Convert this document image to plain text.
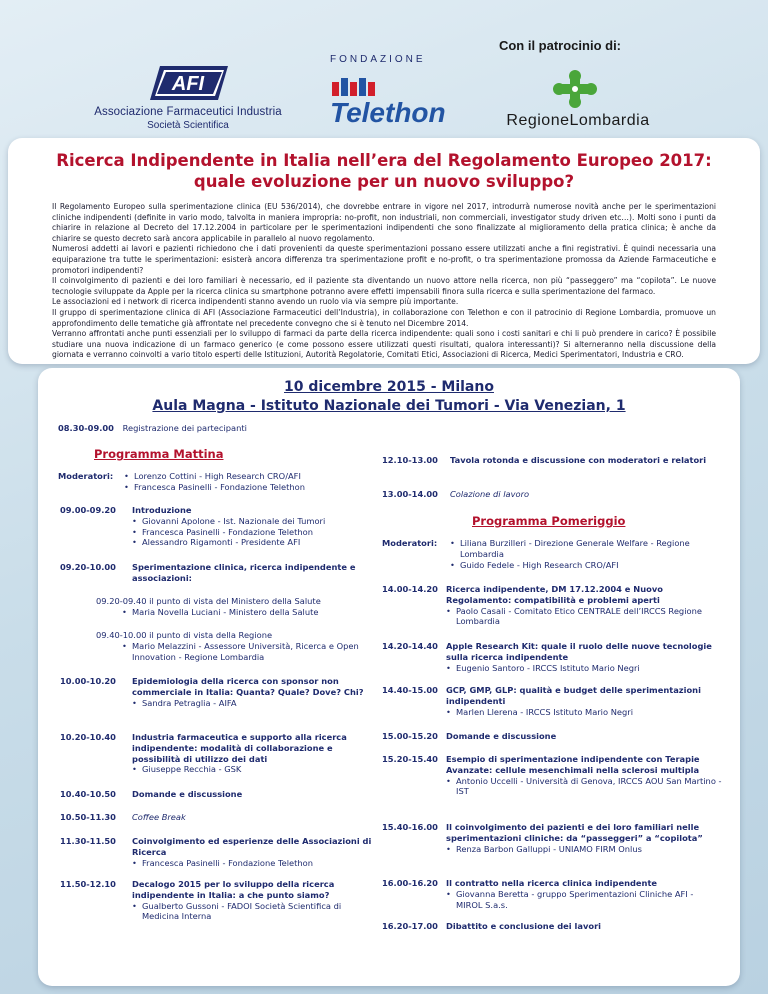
AFI
Associazione Farmaceutici Industria
Società Scientifica
FONDAZIONE
Telethon
Con il patrocinio di:
RegioneLombardia
Ricerca Indipendente in Italia nell’era del Regolamento Europeo 2017:
quale evoluzione per un nuovo sviluppo?

Il Regolamento Europeo sulla sperimentazione clinica (EU 536/2014), che dovrebbe entrare in vigore nel 2017, introdurrà numerose novità anche per le sperimentazioni cliniche indipendenti (definite in vario modo, talvolta in maniera impropria: no-profit, non industriali, non commerciali, investigator study driven etc…). Molti sono i punti da chiarire in relazione al Decreto del 17.12.2004 in particolare per le sperimentazioni indipendenti che sono finalizzate al miglioramento della pratica clinica; è anche da chiarire se questo decreto sarà ancora applicabile in parallelo al nuovo regolamento.

Numerosi addetti ai lavori e pazienti richiedono che i dati provenienti da queste sperimentazioni possano essere utilizzati anche a fini registrativi. È quindi necessaria una equiparazione tra tutte le sperimentazioni: esisterà ancora differenza tra sperimentazione profit e no-profit, o tra sperimentazione promossa da Aziende Farmaceutiche e promotori indipendenti?

Il coinvolgimento di pazienti e dei loro familiari è necessario, ed il paziente sta diventando un nuovo attore nella ricerca, non più “passeggero” ma “copilota”. Le nuove tecnologie sviluppate da Apple per la ricerca clinica su smartphone potranno avere effetti impensabili finora sulla ricerca e sulla sperimentazione del farmaco.

Le associazioni ed i network di ricerca indipendenti stanno avendo un ruolo via via sempre più importante.

Il gruppo di sperimentazione clinica di AFI (Associazione Farmaceutici dell’Industria), in collaborazione con Telethon e con il patrocinio di Regione Lombardia, promuove un approfondimento delle tematiche già affrontate nel precedente convegno che si è tenuto nel Dicembre 2014.

Verranno affrontati anche punti essenziali per lo sviluppo di farmaci da parte della ricerca indipendente: quali sono i costi sanitari e chi li può prendere in carico? È possibile studiare una nuova indicazione di un farmaco generico (e come possono essere utilizzati questi risultati, qualora interessanti)? Si alterneranno nella discussione della giornata e verranno coinvolti a vario titolo esperti delle Istituzioni, Autorità Regolatorie, Comitati Etici, Associazioni di Ricerca, Medici Sperimentatori, Industria e CRO.

10 dicembre 2015 - Milano
Aula Magna - Istituto Nazionale dei Tumori - Via Venezian, 1
08.30-09.00 Registrazione dei partecipanti
Programma Mattina
Moderatori:	• Lorenzo Cottini - High Research CRO/AFI
• Francesca Pasinelli - Fondazione Telethon
09.00-09.20 Introduzione
• Giovanni Apolone - Ist. Nazionale dei Tumori
• Francesca Pasinelli - Fondazione Telethon
• Alessandro Rigamonti - Presidente AFI
09.20-10.00 Sperimentazione clinica, ricerca indipendente e associazioni:
09.20-09.40 il punto di vista del Ministero della Salute
• Maria Novella Luciani - Ministero della Salute
09.40-10.00 il punto di vista della Regione
• Mario Melazzini - Assessore Università, Ricerca e Open Innovation - Regione Lombardia
10.00-10.20 Epidemiologia della ricerca con sponsor non commerciale in Italia: Quanta? Quale? Dove? Chi?
• Sandra Petraglia - AIFA
10.20-10.40 Industria farmaceutica e supporto alla ricerca indipendente: modalità di collaborazione e possibilità di utilizzo dei dati
• Giuseppe Recchia - GSK
10.40-10.50 Domande e discussione
10.50-11.30 Coffee Break
11.30-11.50 Coinvolgimento ed esperienze delle Associazioni di Ricerca
• Francesca Pasinelli - Fondazione Telethon
11.50-12.10 Decalogo 2015 per lo sviluppo della ricerca indipendente in Italia: a che punto siamo?
• Gualberto Gussoni - FADOI Società Scientifica di Medicina Interna
12.10-13.00 Tavola rotonda e discussione con moderatori e relatori
13.00-14.00 Colazione di lavoro
Programma Pomeriggio
Moderatori:	• Liliana Burzilleri - Direzione Generale Welfare - Regione Lombardia
• Guido Fedele - High Research CRO/AFI
14.00-14.20 Ricerca indipendente, DM 17.12.2004 e Nuovo Regolamento: compatibilità e problemi aperti
• Paolo Casali - Comitato Etico CENTRALE dell’IRCCS Regione Lombardia
14.20-14.40 Apple Research Kit: quale il ruolo delle nuove tecnologie sulla ricerca indipendente
• Eugenio Santoro - IRCCS Istituto Mario Negri
14.40-15.00 GCP, GMP, GLP: qualità e budget delle sperimentazioni indipendenti
• Marlen Llerena - IRCCS Istituto Mario Negri
15.00-15.20 Domande e discussione
15.20-15.40 Esempio di sperimentazione indipendente con Terapie Avanzate: cellule mesenchimali nella sclerosi multipla
• Antonio Uccelli - Università di Genova, IRCCS AOU San Martino - IST
15.40-16.00 Il coinvolgimento dei pazienti e dei loro familiari nelle sperimentazioni cliniche: da “passeggeri” a “copilota”
• Renza Barbon Galluppi - UNIAMO FIRM Onlus
16.00-16.20 Il contratto nella ricerca clinica indipendente
• Giovanna Beretta - gruppo Sperimentazioni Cliniche AFI - MIROL S.a.s.
16.20-17.00 Dibattito e conclusione dei lavori
